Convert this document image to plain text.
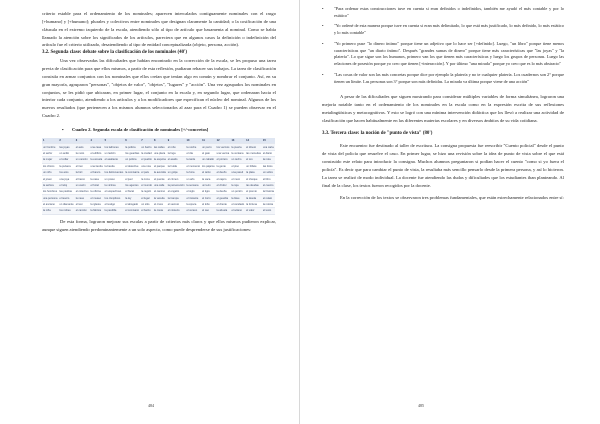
criterio estable para el ordenamiento de los nominales; aparecen intercalados contiguamente nominales con el rasgo [+humano] y [+humano]; plurales y colectivos entre nominales que designan claramente la cantidad; o la cosificación de una cláusula en el extremo izquierdo de la escala, atendiendo sólo al tipo de artículo que basamenta al nominal. Como se había llamado la atención sobre los significados de los artículos, pareciera que en algunos casos la definición o indefinición del artículo fue el criterio utilizado, desatendiendo al tipo de entidad conceptualizada (objeto, persona, acción).

3.2. Segunda clase: debate sobre la clasificación de los nominales (40')

Una vez observadas las dificultades que habían encontrado en la corrección de la escala, se les propuso una tarea previa de clasificación para que ellos mismos, a partir de esta reflexión, pudiaran rehacer sus trabajos. La tarea de clasificación consistía en armar conjuntos con los nominales que ellos creían que tenían algo en común y nombrar el conjunto. Así, en su gran mayoría, agruparon "personas", "objetos de valor", "objetos", "lugares" y "acción". Una vez agrupados los nominales en conjuntos, se les pidió que ubicaran, en primer lugar, el conjunto en la escala y, en segundo lugar, que ordenaran hacia el interior cada conjunto, atendiendo a los artículos y a los modificadores que especifican el núcleo del nominal. Algunos de los nuevos resultados (que pertenecen a los mismos alumnos seleccionados al azar para el Cuadro 1) se pueden observar en el Cuadro 2.

• Cuadro 2. Segunda escala de clasificación de nominales [+/-concretos]
1	2	3	4	5	6	7	8	9	10	11	12	13	14	15
un hombre	las joyas	el auto	una casa	los ladrones	la policía	un barrio	las calles	el robo	la noche	un perro	los vecinos	la puerta	el dinero	una carta
el señor	un anillo	la moto	el edificio	un ladrón	los guardias	la ciudad	una plaza	la fuga	el día	el gato	una vecina	la ventana	las monedas	el diario
la mujer	el collar	un camión	la escuela	el asaltante	un policía	el pueblo	la esquina	el asalto	la tarde	un caballo	el portero	un techo	el oro	la nota
los chicos	la pulsera	el tren	una tienda	la banda	el detective	una ruta	el parque	la huida	el momento	los pájaros	la gente	el piso	un billete	las fotos
un niño	los aros	la bici	el banco	los delincuentes	la comisaría	el país	la avenida	un golpe	la hora	el ratón	el dueño	una pared	la plata	un sobre
el joven	una joya	el barco	la casa	un preso	el juez	la zona	el puente	el crimen	un año	la vaca	el cajero	el muro	el cheque	el libro
la señora	el reloj	un avión	el hotel	la víctima	los agentes	el mundo	una calle	la persecución	la semana	un león	el chofer	la reja	las deudas	el cuento
los hombres	las piedras	el colectivo	la oficina	el sospechoso	el fiscal	la región	el camino	el engaño	el siglo	el tigre	la dueña	un portón	el premio	la historia
una persona	el tesoro	la nave	el museo	los cómplices	la ley	el lugar	la vereda	la trampa	el instante	el zorro	el guardia	la llave	la deuda	el relato
el anciano	un diamante	el taxi	la iglesia	el testigo	el abogado	un sitio	el cruce	el secreto	la época	el lobo	el cliente	el candado	la fortuna	la noticia
la niña	los rubíes	el camión	la fábrica	la pandilla	el comisario	el barrio	la costa	el misterio	el verano	el oso	la abuela	el sótano	el valor	el texto

De esta forma, lograron mejorar sus escalas a partir de criterios más claros y que ellos mismos pudieron explicar, aunque siguen atendiendo predominantemente a un solo aspecto, como puede desprenderse de sus justificaciones:

484
• "Para ordenar estas construcciones tuve en cuenta si eran definidos o indefinidos, también me ayudó el más contable y por lo estático"
• "Yo ordené de esta manera porque tuve en cuenta si eran más delimitado, lo que está más justificado, lo más definido, lo más estático y lo más contable"
• "Yo primero puse "lo dinero íntimo" porque tiene un adjetivo que lo hace ser [+definido]. Luego, "un libro" porque tiene menos características que "un diario íntimo". Después "grandes sumas de dinero" porque tiene más características que "las joyas" y "la platería". Lo que sigue son los humanos, primero van los que tienen más características y luego los grupos de personas. Luego las relaciones de posesión porque yo creo que tienen [+interacción]. Y por último "una mirada" porque yo creo que es lo más abstracto"
• "Las cosas de valor son las más concretas porque dice por ejemplo la platería y no te cualquier platería. Los cuadernos son 2° porque tienen un límite. Las personas son 3° porque son más definidas. La mirada va última porque viene de una acción"

A pesar de las dificultades que siguen mostrando para considerar múltiples variables de forma simultánea, lograron una mejoría notable tanto en el ordenamiento de los nominales en la escala como en la expresión escrita de sus reflexiones metalingüísticas y metacognitivas. Y esto se logró con una mínima intervención didáctica que los llevó a realizar una actividad de clasificación que hacen habitualmente en las diferentes materias escolares y en diversos ámbitos de su vida cotidiana.

3.3. Tercera clase: la noción de "punto de vista" (80')

Este encuentro fue destinado al taller de escritura. La consigna propuesta fue reescribir "Cuento policial" desde el punto de vista del policía que resuelve el caso. En primer lugar, se hizo una revisión sobre la idea de punto de vista sobre el que está construido este relato para introducir la consigna. Muchos alumnos preguntaron si podían hacer el cuento "como si yo fuera el policía". Es decir que para cambiar el punto de vista, la resultaba más sencillo pensarlo desde la primera persona, y así lo hicieron. La tarea se realizó de modo individual. La docente fue atendiendo las dudas y dificultades que los estudiantes iban planteando. Al final de la clase, los textos fueron recogidos por la docente.

En la corrección de los textos se observaron tres problemas fundamentales, que están estrechamente relacionados entre sí:

485
